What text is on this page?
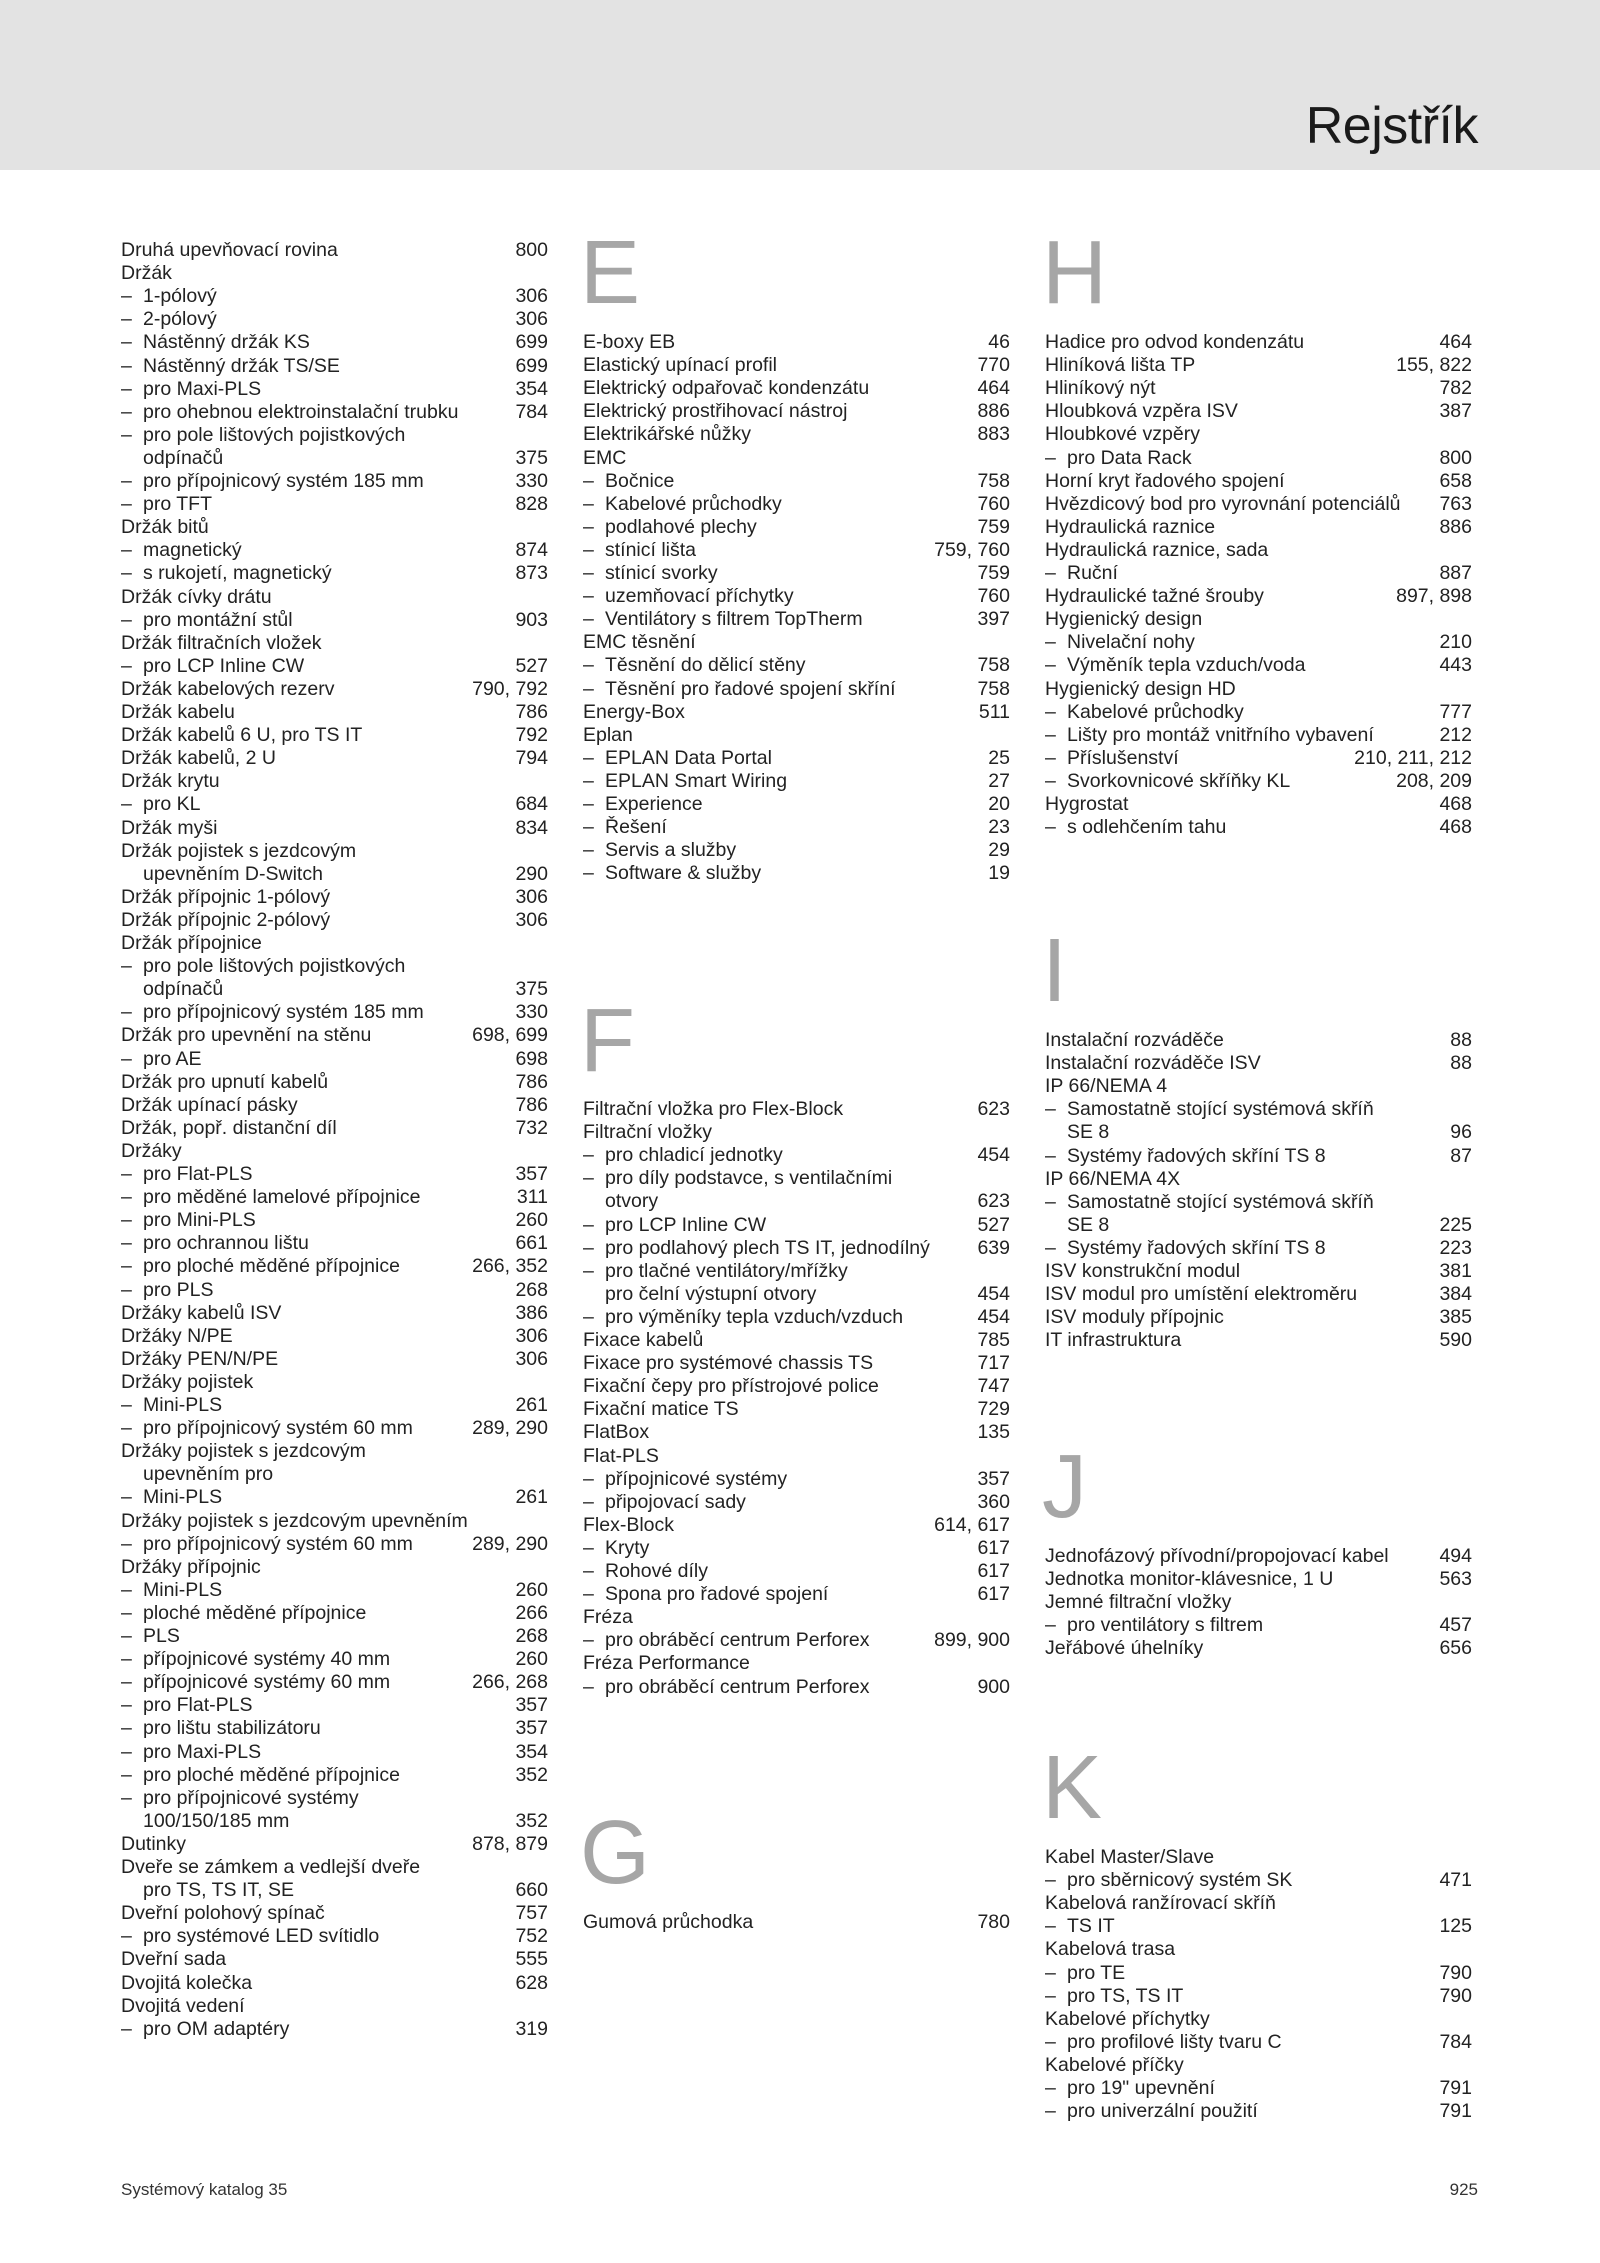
Rejstřík
Druhá upevňovací rovina	800
Držák
– 1-pólový	306
– 2-pólový	306
– Nástěnný držák KS	699
– Nástěnný držák TS/SE	699
– pro Maxi-PLS	354
– pro ohebnou elektroinstalační trubku	784
– pro pole lištových pojistkových
odpínačů	375
– pro přípojnicový systém 185 mm	330
– pro TFT	828
Držák bitů
– magnetický	874
– s rukojetí, magnetický	873
Držák cívky drátu
– pro montážní stůl	903
Držák filtračních vložek
– pro LCP Inline CW	527
Držák kabelových rezerv	790, 792
Držák kabelu	786
Držák kabelů 6 U, pro TS IT	792
Držák kabelů, 2 U	794
Držák krytu
– pro KL	684
Držák myši	834
Držák pojistek s jezdcovým
upevněním D-Switch	290
Držák přípojnic 1-pólový	306
Držák přípojnic 2-pólový	306
Držák přípojnice
– pro pole lištových pojistkových
odpínačů	375
– pro přípojnicový systém 185 mm	330
Držák pro upevnění na stěnu	698, 699
– pro AE	698
Držák pro upnutí kabelů	786
Držák upínací pásky	786
Držák, popř. distanční díl	732
Držáky
– pro Flat-PLS	357
– pro měděné lamelové přípojnice	311
– pro Mini-PLS	260
– pro ochrannou lištu	661
– pro ploché měděné přípojnice	266, 352
– pro PLS	268
Držáky kabelů ISV	386
Držáky N/PE	306
Držáky PEN/N/PE	306
Držáky pojistek
– Mini-PLS	261
– pro přípojnicový systém 60 mm	289, 290
Držáky pojistek s jezdcovým
upevněním pro
– Mini-PLS	261
Držáky pojistek s jezdcovým upevněním
– pro přípojnicový systém 60 mm	289, 290
Držáky přípojnic
– Mini-PLS	260
– ploché měděné přípojnice	266
– PLS	268
– přípojnicové systémy 40 mm	260
– přípojnicové systémy 60 mm	266, 268
– pro Flat-PLS	357
– pro lištu stabilizátoru	357
– pro Maxi-PLS	354
– pro ploché měděné přípojnice	352
– pro přípojnicové systémy
100/150/185 mm	352
Dutinky	878, 879
Dveře se zámkem a vedlejší dveře
pro TS, TS IT, SE	660
Dveřní polohový spínač	757
– pro systémové LED svítidlo	752
Dveřní sada	555
Dvojitá kolečka	628
Dvojitá vedení
– pro OM adaptéry	319
E
E-boxy EB	46
Elastický upínací profil	770
Elektrický odpařovač kondenzátu	464
Elektrický prostřihovací nástroj	886
Elektrikářské nůžky	883
EMC
– Bočnice	758
– Kabelové průchodky	760
– podlahové plechy	759
– stínicí lišta	759, 760
– stínicí svorky	759
– uzemňovací příchytky	760
– Ventilátory s filtrem TopTherm	397
EMC těsnění
– Těsnění do dělicí stěny	758
– Těsnění pro řadové spojení skříní	758
Energy-Box	511
Eplan
– EPLAN Data Portal	25
– EPLAN Smart Wiring	27
– Experience	20
– Řešení	23
– Servis a služby	29
– Software & služby	19
F
Filtrační vložka pro Flex-Block	623
Filtrační vložky
– pro chladicí jednotky	454
– pro díly podstavce, s ventilačními
otvory	623
– pro LCP Inline CW	527
– pro podlahový plech TS IT, jednodílný 639
– pro tlačné ventilátory/mřížky
pro čelní výstupní otvory	454
– pro výměníky tepla vzduch/vzduch	454
Fixace kabelů	785
Fixace pro systémové chassis TS	717
Fixační čepy pro přístrojové police	747
Fixační matice TS	729
FlatBox	135
Flat-PLS
– přípojnicové systémy	357
– připojovací sady	360
Flex-Block	614, 617
– Kryty	617
– Rohové díly	617
– Spona pro řadové spojení	617
Fréza
– pro obráběcí centrum Perforex	899, 900
Fréza Performance
– pro obráběcí centrum Perforex	900
G
Gumová průchodka	780
H
Hadice pro odvod kondenzátu	464
Hliníková lišta TP	155, 822
Hliníkový nýt	782
Hloubková vzpěra ISV	387
Hloubkové vzpěry
– pro Data Rack	800
Horní kryt řadového spojení	658
Hvězdicový bod pro vyrovnání potenciálů 763
Hydraulická raznice	886
Hydraulická raznice, sada
– Ruční	887
Hydraulické tažné šrouby	897, 898
Hygienický design
– Nivelační nohy	210
– Výměník tepla vzduch/voda	443
Hygienický design HD
– Kabelové průchodky	777
– Lišty pro montáž vnitřního vybavení	212
– Příslušenství	210, 211, 212
– Svorkovnicové skříňky KL	208, 209
Hygrostat	468
– s odlehčením tahu	468
I
Instalační rozváděče	88
Instalační rozváděče ISV	88
IP 66/NEMA 4
– Samostatně stojící systémová skříň
SE 8	96
– Systémy řadových skříní TS 8	87
IP 66/NEMA 4X
– Samostatně stojící systémová skříň
SE 8	225
– Systémy řadových skříní TS 8	223
ISV konstrukční modul	381
ISV modul pro umístění elektroměru	384
ISV moduly přípojnic	385
IT infrastruktura	590
J
Jednofázový přívodní/propojovací kabel	494
Jednotka monitor-klávesnice, 1 U	563
Jemné filtrační vložky
– pro ventilátory s filtrem	457
Jeřábové úhelníky	656
K
Kabel Master/Slave
– pro sběrnicový systém SK	471
Kabelová ranžírovací skříň
– TS IT	125
Kabelová trasa
– pro TE	790
– pro TS, TS IT	790
Kabelové příchytky
– pro profilové lišty tvaru C	784
Kabelové příčky
– pro 19" upevnění	791
– pro univerzální použití	791
Systémový katalog 35	925
